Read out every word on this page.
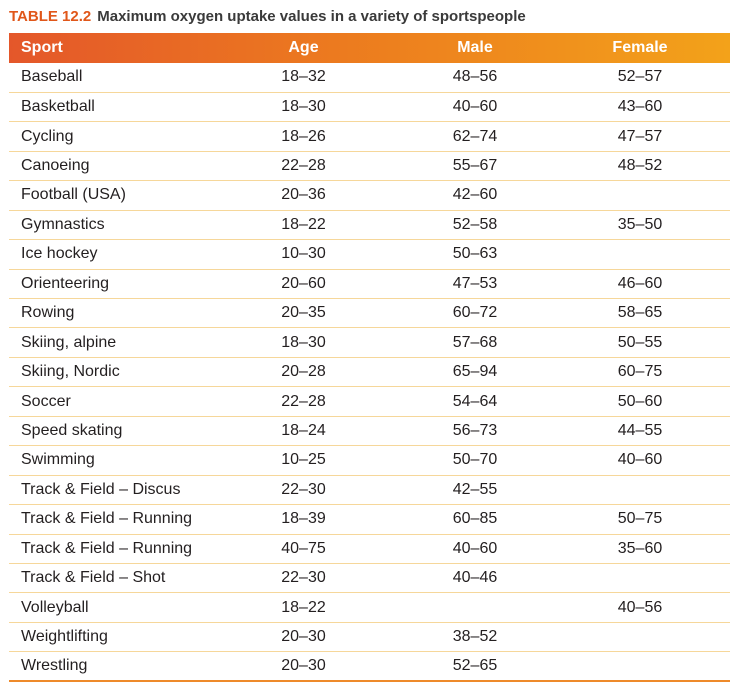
TABLE 12.2 Maximum oxygen uptake values in a variety of sportspeople
Sport	Age	Male	Female
Baseball	18–32	48–56	52–57
Basketball	18–30	40–60	43–60
Cycling	18–26	62–74	47–57
Canoeing	22–28	55–67	48–52
Football (USA)	20–36	42–60	
Gymnastics	18–22	52–58	35–50
Ice hockey	10–30	50–63	
Orienteering	20–60	47–53	46–60
Rowing	20–35	60–72	58–65
Skiing, alpine	18–30	57–68	50–55
Skiing, Nordic	20–28	65–94	60–75
Soccer	22–28	54–64	50–60
Speed skating	18–24	56–73	44–55
Swimming	10–25	50–70	40–60
Track & Field – Discus	22–30	42–55	
Track & Field – Running	18–39	60–85	50–75
Track & Field – Running	40–75	40–60	35–60
Track & Field – Shot	22–30	40–46	
Volleyball	18–22		40–56
Weightlifting	20–30	38–52	
Wrestling	20–30	52–65	
